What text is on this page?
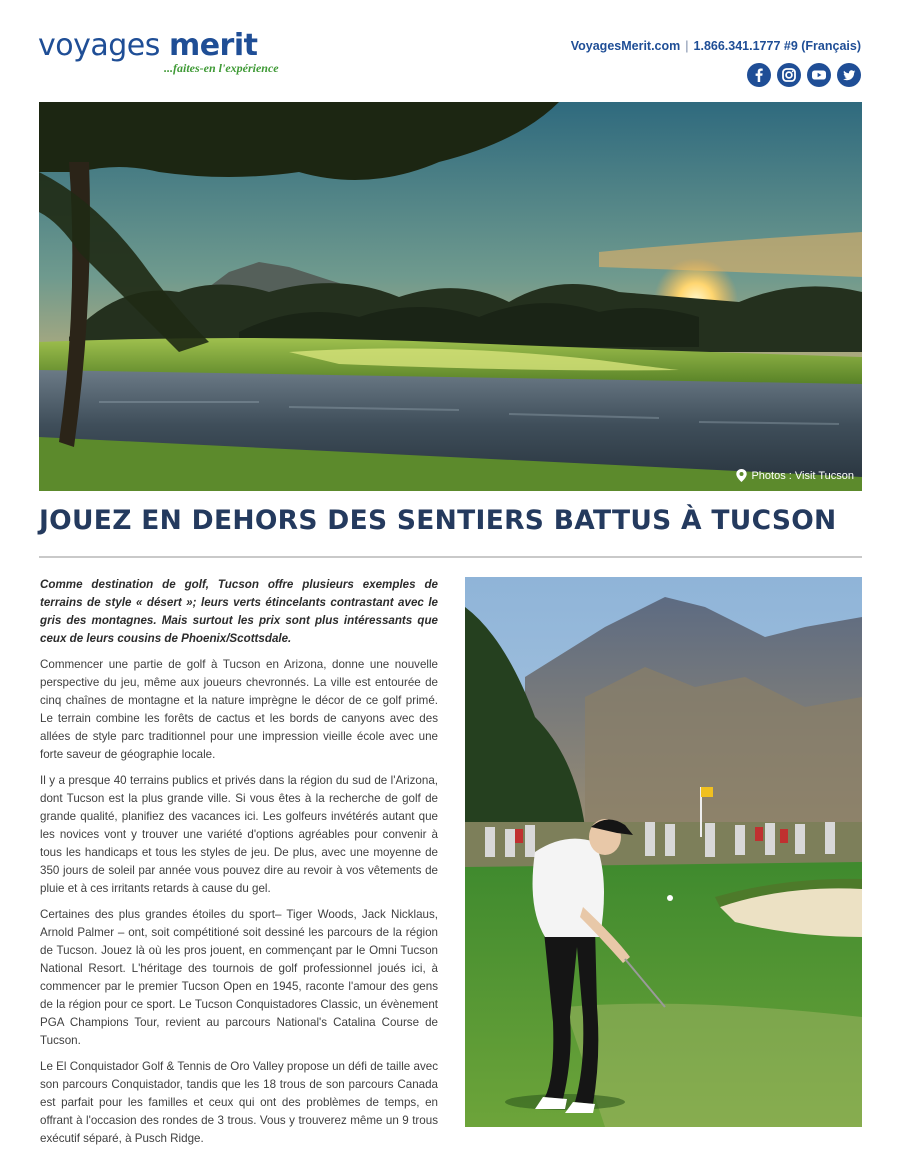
voyages merit
...faites-en l'expérience
VoyagesMerit.com | 1.866.341.1777 #9 (Français)
Photos : Visit Tucson
JOUEZ EN DEHORS DES SENTIERS BATTUS À TUCSON

Comme destination de golf, Tucson offre plusieurs exemples de terrains de style « désert »; leurs verts étincelants contrastant avec le gris des montagnes. Mais surtout les prix sont plus intéressants que ceux de leurs cousins de Phoenix/Scottsdale.

Commencer une partie de golf à Tucson en Arizona, donne une nouvelle perspective du jeu, même aux joueurs chevronnés. La ville est entourée de cinq chaînes de montagne et la nature imprègne le décor de ce golf primé. Le terrain combine les forêts de cactus et les bords de canyons avec des allées de style parc traditionnel pour une impression vieille école avec une forte saveur de géographie locale.

Il y a presque 40 terrains publics et privés dans la région du sud de l'Arizona, dont Tucson est la plus grande ville. Si vous êtes à la recherche de golf de grande qualité, planifiez des vacances ici. Les golfeurs invétérés autant que les novices vont y trouver une variété d'options agréables pour convenir à tous les handicaps et tous les styles de jeu. De plus, avec une moyenne de 350 jours de soleil par année vous pouvez dire au revoir à vos vêtements de pluie et à ces irritants retards à cause du gel.

Certaines des plus grandes étoiles du sport– Tiger Woods, Jack Nicklaus, Arnold Palmer – ont, soit compétitioné soit dessiné les parcours de la région de Tucson. Jouez là où les pros jouent, en commençant par le Omni Tucson National Resort. L'héritage des tournois de golf professionnel joués ici, à commencer par le premier Tucson Open en 1945, raconte l'amour des gens de la région pour ce sport. Le Tucson Conquistadores Classic, un évènement PGA Champions Tour, revient au parcours National's Catalina Course de Tucson.

Le El Conquistador Golf & Tennis de Oro Valley propose un défi de taille avec son parcours Conquistador, tandis que les 18 trous de son parcours Canada est parfait pour les familles et ceux qui ont des problèmes de temps, en offrant à l'occasion des rondes de 3 trous. Vous y trouverez même un 9 trous exécutif séparé, à Pusch Ridge.
